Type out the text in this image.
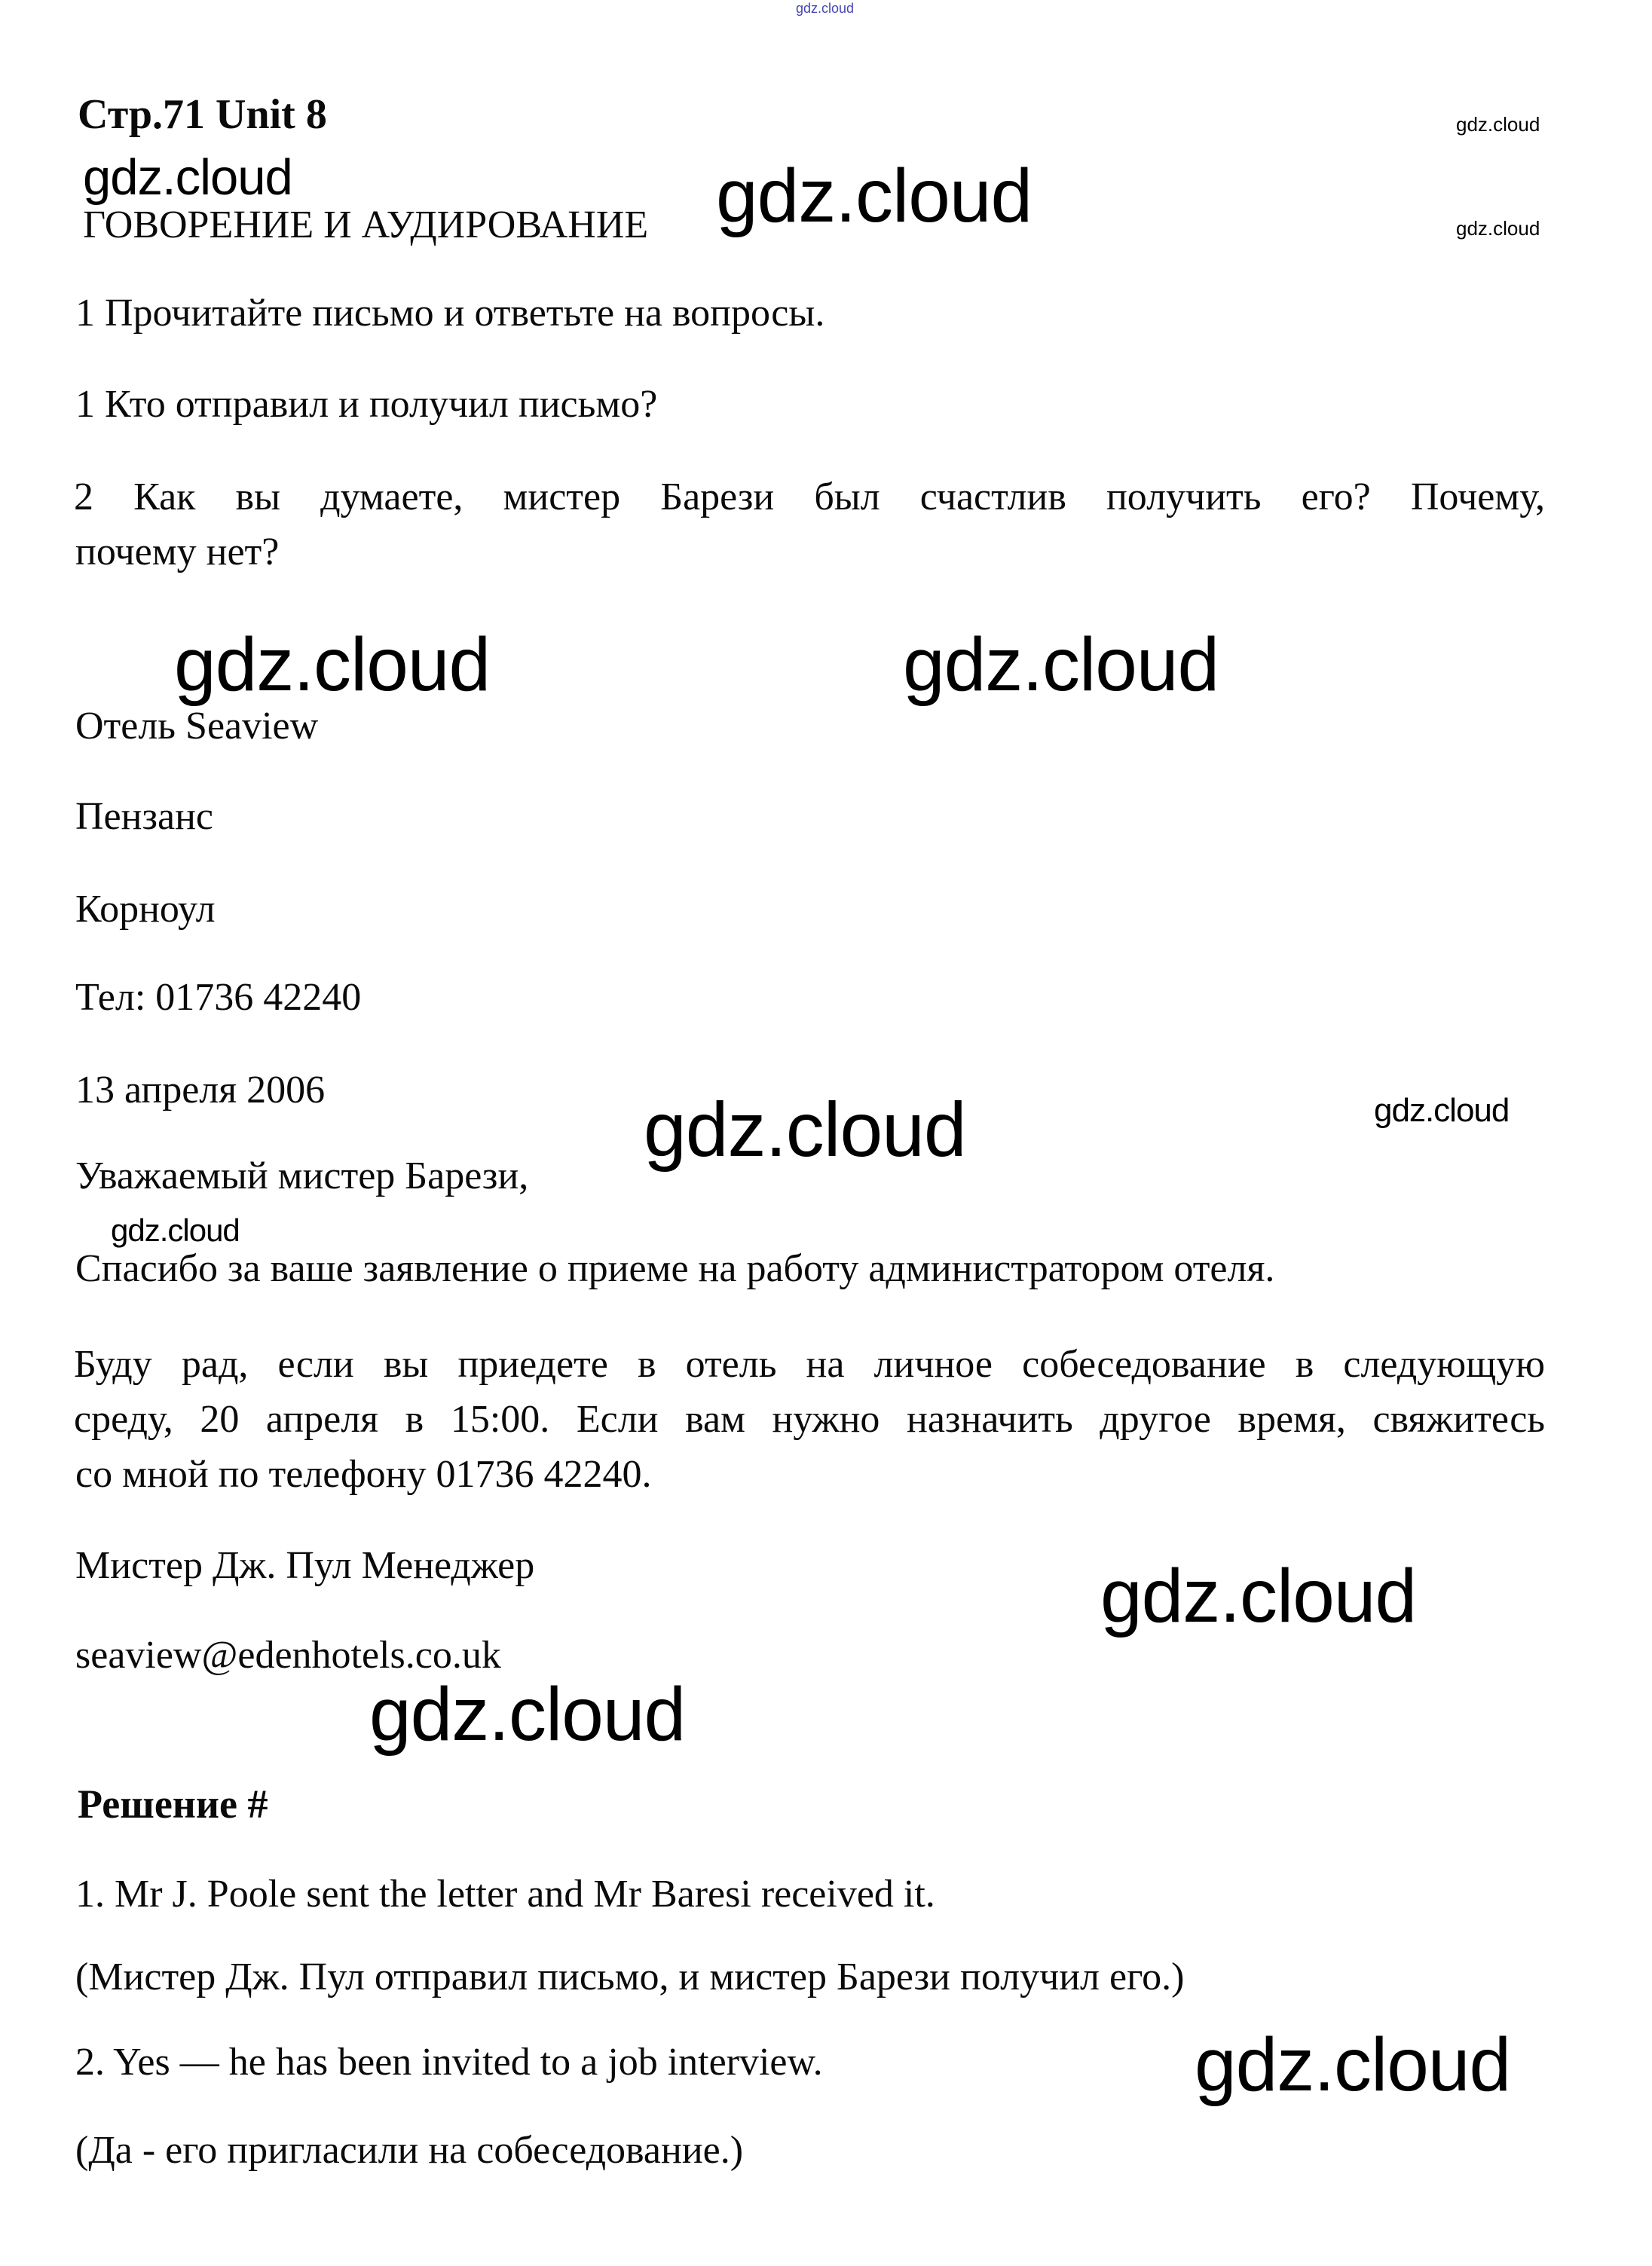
gdz.cloud
gdz.cloud
gdz.cloud
gdz.cloud	gdz.cloud
gdz.cloud	gdz.cloud
gdz.cloud	gdz.cloud
gdz.cloud
gdz.cloud
gdz.cloud
gdz.cloud
Стр.71 Unit 8
ГОВОРЕНИЕ И АУДИРОВАНИЕ
1 Прочитайте письмо и ответьте на вопросы.
1 Кто отправил и получил письмо?
2 Как вы думаете, мистер Барези был счастлив получить его? Почему,
почему нет?
Отель Seaview
Пензанс
Корноул
Тел: 01736 42240
13 апреля 2006
Уважаемый мистер Барези,
Спасибо за ваше заявление о приеме на работу администратором отеля.
Буду рад, если вы приедете в отель на личное собеседование в следующую
среду, 20 апреля в 15:00. Если вам нужно назначить другое время, свяжитесь
со мной по телефону 01736 42240.
Мистер Дж. Пул Менеджер
seaview@edenhotels.co.uk
Решение #
1. Mr J. Poole sent the letter and Mr Baresi received it.
(Мистер Дж. Пул отправил письмо, и мистер Барези получил его.)
2. Yes — he has been invited to a job interview.
(Да - его пригласили на собеседование.)
